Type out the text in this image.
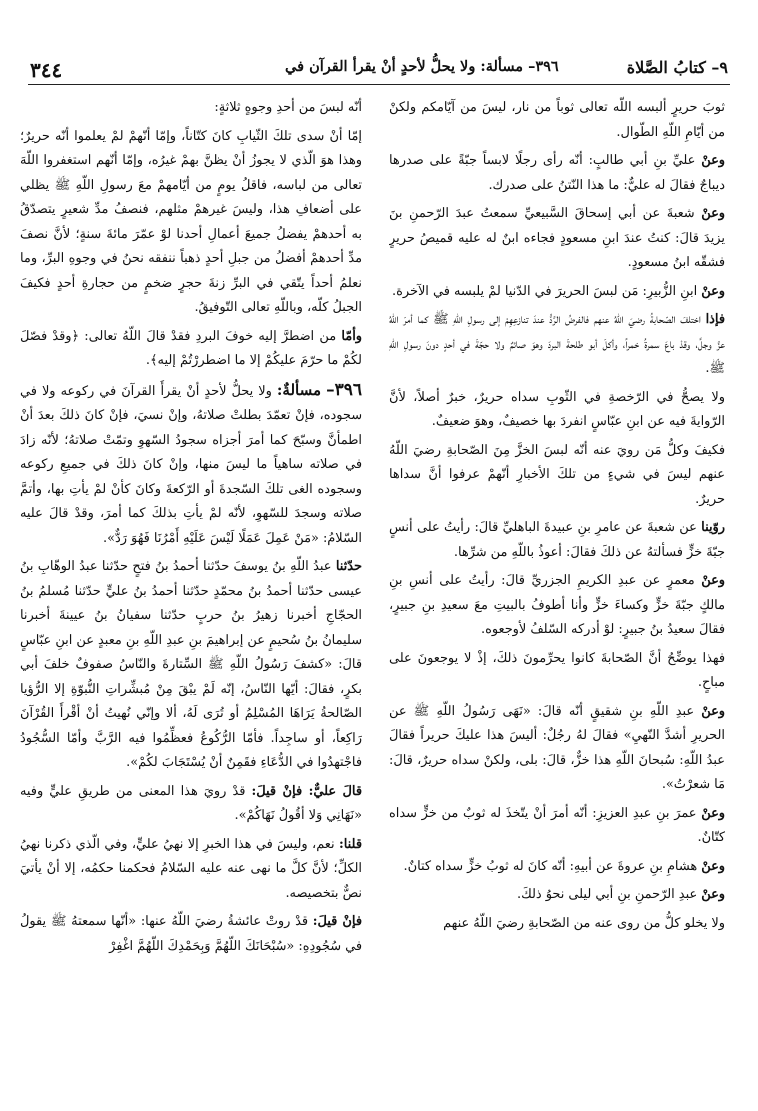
٣٤٤	٣٩٦– مسألة: ولا يحلُّ لأحدٍ أنْ يقرأ القرآن في	٩– كتابُ الصَّلاة

ثوبَ حريرٍ ألبسه اللّه تعالى ثوباً من نار، ليسَ من آيّامكم ولكنْ من أيّامِ اللّهِ الطّوال.

وعنْ عليِّ بنِ أبي طالبٍ: أنّه رأى رجلًا لابساً جبّةً على صدرها ديباجٌ فقالَ له عليٌّ: ما هذا النّتنُ على صدرك.

وعنْ شعبةَ عن أبي إسحاقَ السَّبيعيِّ سمعتُ عبدَ الرّحمنِ بنَ يزيدَ قالَ: كنتُ عندَ ابنِ مسعودٍ فجاءه ابنٌ له عليه قميصُ حريرٍ فشقّه ابنُ مسعودٍ.

وعنْ ابنِ الزُّبيرِ: مَن لبسَ الحريرَ في الدّنيا لمْ يلبسه في الآخرة.

فإذا اختلفَ الصّحابةُ رضيَ اللّهُ عنهم فالفرضُ الرَّدُّ عندَ تنازعِهِمْ إلى رسولِ اللّهِ ﷺ كما أمرَ اللّهُ عزَّ وجلَّ، وقدْ باعَ سمرةُ خمراً، وأكلَ أبو طلحةَ البردَ وهوَ صائمٌ ولا حجّةَ في أحدٍ دونَ رسولِ اللّهِ ﷺ.

ولا يصحُّ في الرّخصةِ في الثّوبِ سداه حريرٌ، خبرٌ أصلاً، لأنَّ الرّوايةَ فيه عن ابنِ عبّاسٍ انفردَ بها خصيفٌ، وهوَ ضعيفٌ.

فكيفَ وكلُّ مَن رويَ عنه أنّه لبسَ الخزَّ مِنَ الصّحابةِ رضيَ اللّهُ عنهم ليسَ في شيءٍ من تلكَ الأخبارِ أنّهمْ عرفوا أنَّ سداها حريرٌ.

روّينا عن شعبةَ عن عامرِ بنِ عبيدةَ الباهليِّ قالَ: رأيتُ على أنسٍ جبّةَ خزٍّ فسألتهُ عن ذلكَ فقالَ: أعوذُ باللّهِ من شرِّها.

وعنْ معمرٍ عن عبدِ الكريمِ الجزريِّ قالَ: رأيتُ على أنسِ بنِ مالكٍ جبّةَ خزٍّ وكساءَ خزٍّ وأنا أطوفُ بالبيتِ معَ سعيدِ بنِ جبيرٍ، فقالَ سعيدُ بنُ جبيرٍ: لوْ أدركه السّلفُ لأوجعوه.

فهذا يوضِّحُ أنَّ الصّحابةَ كانوا يحرِّمونَ ذلكَ، إذْ لا يوجعونَ على مباحٍ.

وعنْ عبدِ اللّهِ بنِ شقيقٍ أنّه قالَ: «نَهَى رَسُولُ اللّهِ ﷺ عن الحريرِ أشدَّ النّهيِ» فقالَ لهُ رجُلٌ: أليسَ هذا عليكَ حريراً فقالَ عبدُ اللّهِ: سُبحانَ اللّهِ هذا خزٌّ، قالَ: بلى، ولكنْ سداه حريرٌ، قالَ: مَا شعرْتُ».

وعنْ عمرَ بنِ عبدِ العزيزِ: أنّه أمرَ أنْ يتّخذَ له ثوبٌ من خزٍّ سداه كتّانٌ.

وعنْ هشامِ بنِ عروةَ عن أبيهِ: أنّه كانَ له ثوبُ خزٍّ سداه كتانٌ.

وعنْ عبدِ الرّحمنِ بنِ أبي ليلى نحوُ ذلكَ.

ولا يخلو كلُّ من روى عنه من الصّحابةِ رضيَ اللّهُ عنهم

أنّه لبسَ من أحدِ وجوهٍ ثلاثةٍ:

إمّا أنْ سدى تلكَ الثّيابِ كانَ كتّاناً، وإمّا أنّهمْ لمْ يعلموا أنّه حريرٌ؛ وهذا هوَ الّذي لا يجوزُ أنْ يظنَّ بهمْ غيرُه، وإمّا أنّهم استغفروا اللّهَ تعالى من لباسه، فاقلُ يومٍ من أيّامهمْ معَ رسولِ اللّهِ ﷺ يظلي على أضعافِ هذا، وليسَ غيرهمْ مثلهم، فنصفُ مدِّ شعيرٍ يتصدّقُ به أحدهمْ يفضلُ جميعَ أعمالِ أحدنا لوْ عمّرَ مائةَ سنةٍ؛ لأنَّ نصفَ مدِّ أحدهمْ أفضلُ من جبلِ أحدٍ ذهباً ننفقه نحنُ في وجوهِ البرِّ، وما نعلمُ أحداً يتّقي في البرِّ زنةَ حجرٍ ضخمٍ من حجارةِ أحدٍ فكيفَ الجبلُ كلّه، وباللّهِ تعالى التّوفيقُ.

وأمّا من اضطرَّ إليه خوفَ البردِ فقدْ قالَ اللّهُ تعالى: ﴿وقدْ فصّلَ لكُمْ ما حرّمَ عليكُمْ إلا ما اضطررْتُمْ إليه﴾.

٣٩٦– مسألةٌ: ولا يحلُّ لأحدٍ أنْ يقرأَ القرآنَ في ركوعه ولا في سجوده، فإنْ تعمّدَ بطلتْ صلاتهُ، وإنْ نسيَ، فإنْ كانَ ذلكَ بعدَ أنْ اطمأنَّ وسبّحَ كما أمرَ أجزاه سجودُ السّهوِ وتمّتْ صلاتهُ؛ لأنّه زادَ في صلاته ساهياً ما ليسَ منها، وإنْ كانَ ذلكَ في جميعِ ركوعه وسجوده الغى تلكَ السّجدةَ أو الرّكعةَ وكانَ كأنْ لمْ يأتِ بها، وأتمَّ صلاته وسجدَ للسّهوِ، لأنّه لمْ يأتِ بذلكَ كما أمرَ، وقدْ قالَ عليه السّلامُ: «مَنْ عَمِلَ عَمَلًا لَيْسَ عَلَيْهِ أَمْرُنَا فَهُوَ رَدٌّ».

حدّثنا عبدُ اللّهِ بنُ يوسفَ حدّثنا أحمدُ بنُ فتحٍ حدّثنا عبدُ الوهّابِ بنُ عيسى حدّثنا أحمدُ بنُ محمّدٍ حدّثنا أحمدُ بنُ عليٍّ حدّثنا مُسلمُ بنُ الحجّاجِ أخبرنا زهيرُ بنُ حربٍ حدّثنا سفيانُ بنُ عيينةَ أخبرنا سليمانُ بنُ سُحيمٍ عن إبراهيمَ بنِ عبدِ اللّهِ بنِ معبدٍ عن ابنِ عبّاسٍ قالَ: «كشفَ رَسُولُ اللّهِ ﷺ السِّتارةَ والنّاسُ صفوفٌ خلفَ أبي بكرٍ، فقالَ: أيّها النّاسُ، إنّه لَمْ يبْقَ مِنْ مُبشِّراتِ النُّبوّةِ إلا الرُّؤيا الصّالحةُ يَرَاهَا المُسْلِمُ أو تُرَى لَهُ، ألا وإنّي نُهيتُ أنْ أقْرأَ القُرْآنَ رَاكِعاً، أو ساجِداً. فأمّا الرُّكُوعُ فعظِّمُوا فيه الرَّبَّ وأمّا السُّجُودُ فاجْتهدُوا في الدُّعَاءِ فقَمِنٌ أنْ يُسْتَجَابَ لكُمْ».

قالَ عليٌّ: فإنْ قيلَ: قدْ رويَ هذا المعنى من طريقِ عليٍّ وفيه «نَهَانِي وَلا أقُولُ نَهَاكُمْ».

قلنا: نعم، وليسَ في هذا الخبرِ إلا نهيُ عليٍّ، وفي الّذي ذكرنا نهيُ الكلِّ؛ لأنَّ كلَّ ما نهى عنه عليه السّلامُ فحكمنا حكمُه، إلا أنْ يأتيَ نصٌّ بتخصيصه.

فإنْ قيلَ: قدْ روتْ عائشةُ رضيَ اللّهُ عنها: «أنّها سمعتهُ ﷺ يقولُ في سُجُودِهِ: «سُبْحَانَكَ اللّهُمَّ وَبِحَمْدِكَ اللّهُمَّ اغْفِرْ
